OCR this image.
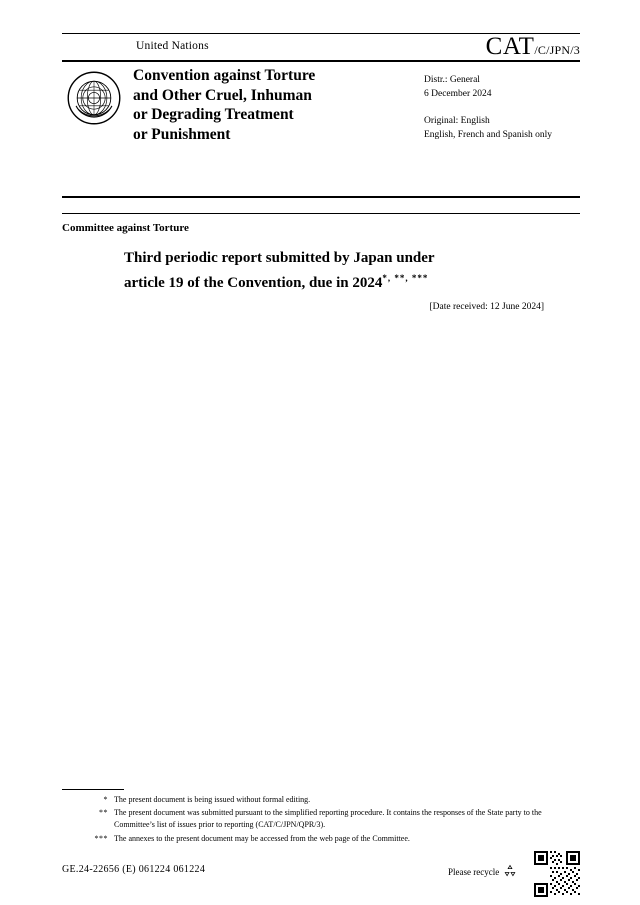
United Nations	CAT/C/JPN/3
Convention against Torture
and Other Cruel, Inhuman
or Degrading Treatment
or Punishment
Distr.: General
6 December 2024
Original: English
English, French and Spanish only
Committee against Torture
Third periodic report submitted by Japan under
article 19 of the Convention, due in 2024*, **, ***
[Date received: 12 June 2024]
* The present document is being issued without formal editing.
** The present document was submitted pursuant to the simplified reporting procedure. It contains the responses of the State party to the Committee’s list of issues prior to reporting (CAT/C/JPN/QPR/3).
*** The annexes to the present document may be accessed from the web page of the Committee.
GE.24-22656 (E) 061224 061224	Please recycle
